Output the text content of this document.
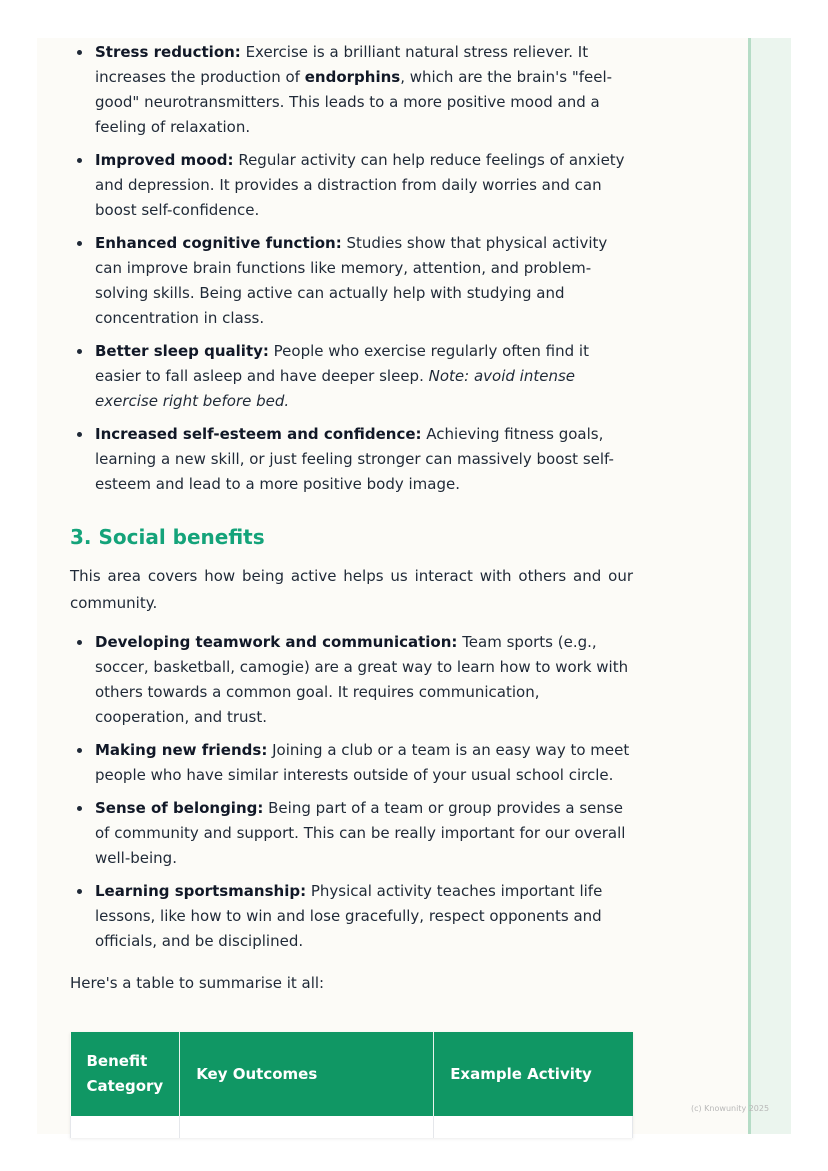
Stress reduction: Exercise is a brilliant natural stress reliever. It increases the production of endorphins, which are the brain's "feel-good" neurotransmitters. This leads to a more positive mood and a feeling of relaxation.
Improved mood: Regular activity can help reduce feelings of anxiety and depression. It provides a distraction from daily worries and can boost self-confidence.
Enhanced cognitive function: Studies show that physical activity can improve brain functions like memory, attention, and problem-solving skills. Being active can actually help with studying and concentration in class.
Better sleep quality: People who exercise regularly often find it easier to fall asleep and have deeper sleep. Note: avoid intense exercise right before bed.
Increased self-esteem and confidence: Achieving fitness goals, learning a new skill, or just feeling stronger can massively boost self-esteem and lead to a more positive body image.
3. Social benefits

This area covers how being active helps us interact with others and our community.

Developing teamwork and communication: Team sports (e.g., soccer, basketball, camogie) are a great way to learn how to work with others towards a common goal. It requires communication, cooperation, and trust.
Making new friends: Joining a club or a team is an easy way to meet people who have similar interests outside of your usual school circle.
Sense of belonging: Being part of a team or group provides a sense of community and support. This can be really important for our overall well-being.
Learning sportsmanship: Physical activity teaches important life lessons, like how to win and lose gracefully, respect opponents and officials, and be disciplined.

Here's a table to summarise it all:

Benefit Category	Key Outcomes	Example Activity

(c) Knowunity 2025
